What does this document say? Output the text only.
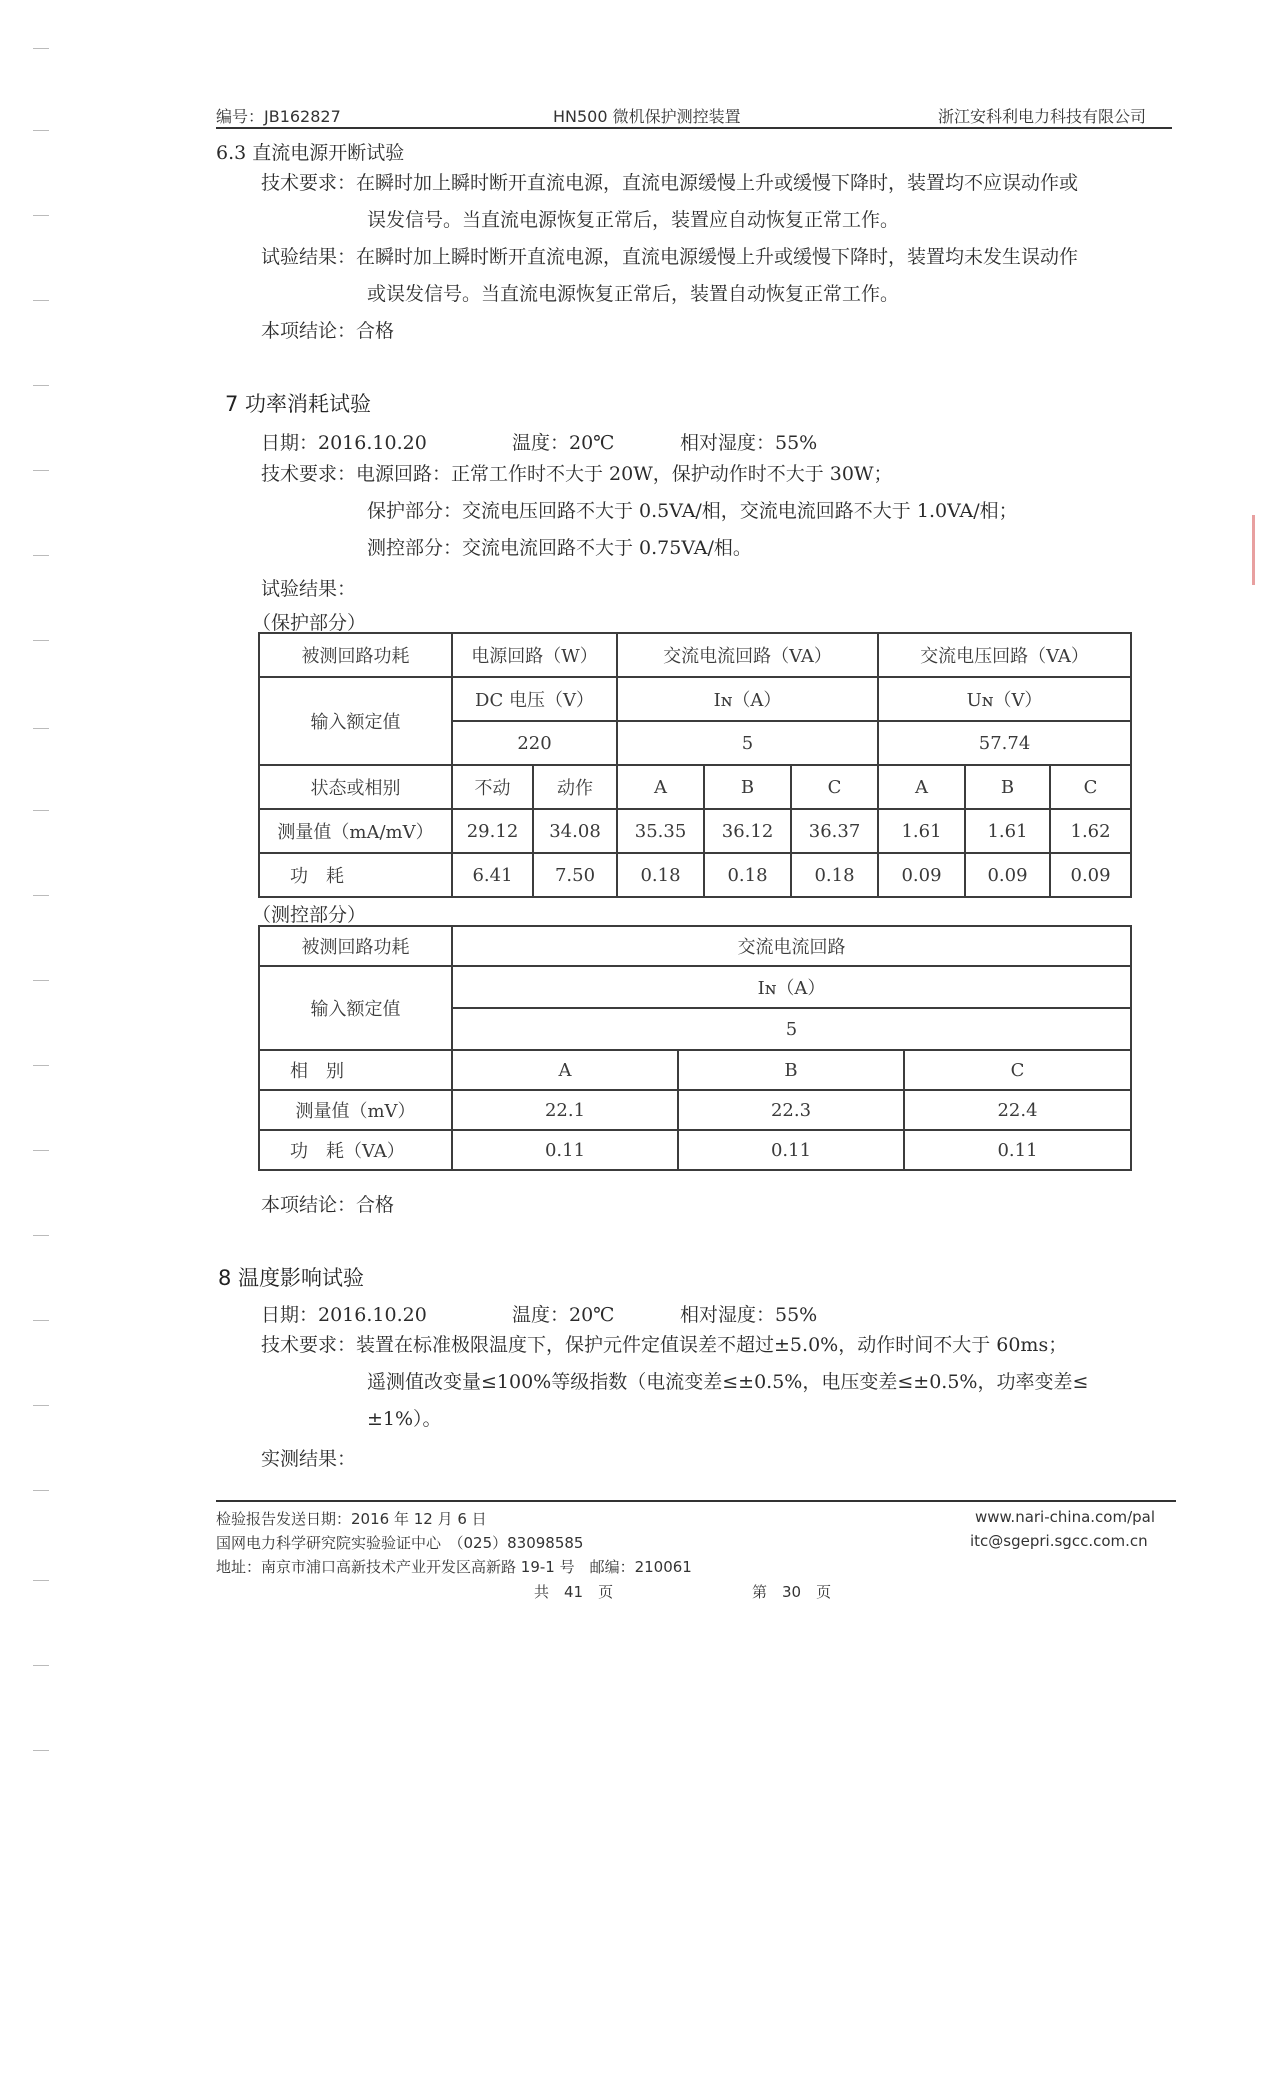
编号：JB162827	HN500 微机保护测控装置	浙江安科利电力科技有限公司
6.3 直流电源开断试验

技术要求：在瞬时加上瞬时断开直流电源，直流电源缓慢上升或缓慢下降时，装置均不应误动作或

误发信号。当直流电源恢复正常后，装置应自动恢复正常工作。

试验结果：在瞬时加上瞬时断开直流电源，直流电源缓慢上升或缓慢下降时，装置均未发生误动作

或误发信号。当直流电源恢复正常后，装置自动恢复正常工作。

本项结论：合格

7 功率消耗试验
日期：2016.10.20	温度：20℃	相对湿度：55%

技术要求：电源回路：正常工作时不大于 20W，保护动作时不大于 30W；

保护部分：交流电压回路不大于 0.5VA/相，交流电流回路不大于 1.0VA/相；

测控部分：交流电流回路不大于 0.75VA/相。

试验结果：
（保护部分）
被测回路功耗	电源回路（W）		交流电流回路（VA）			交流电压回路（VA）		
输入额定值	DC 电压（V）		Iɴ（A）			Uɴ（V）		
	220		5			57.74		
状态或相别	不动	动作	A	B	C	A	B	C
测量值（mA/mV）	29.12	34.08	35.35	36.12	36.37	1.61	1.61	1.62
功　耗	6.41	7.50	0.18	0.18	0.18	0.09	0.09	0.09
（测控部分）
被测回路功耗	交流电流回路		
输入额定值	Iɴ（A）		
	5		
相　别	A	B	C
测量值（mV）	22.1	22.3	22.4
功　耗（VA）	0.11	0.11	0.11
本项结论：合格
8 温度影响试验
日期：2016.10.20	温度：20℃	相对湿度：55%

技术要求：装置在标准极限温度下，保护元件定值误差不超过±5.0%，动作时间不大于 60ms；

遥测值改变量≤100%等级指数（电流变差≤±0.5%，电压变差≤±0.5%，功率变差≤

±1%）。

实测结果：
检验报告发送日期：2016 年 12 月 6 日	www.nari-china.com/pal
国网电力科学研究院实验验证中心　（025）83098585	itc@sgepri.sgcc.com.cn
地址：南京市浦口高新技术产业开发区高新路 19-1 号　邮编：210061
共　41　页	第　30　页
